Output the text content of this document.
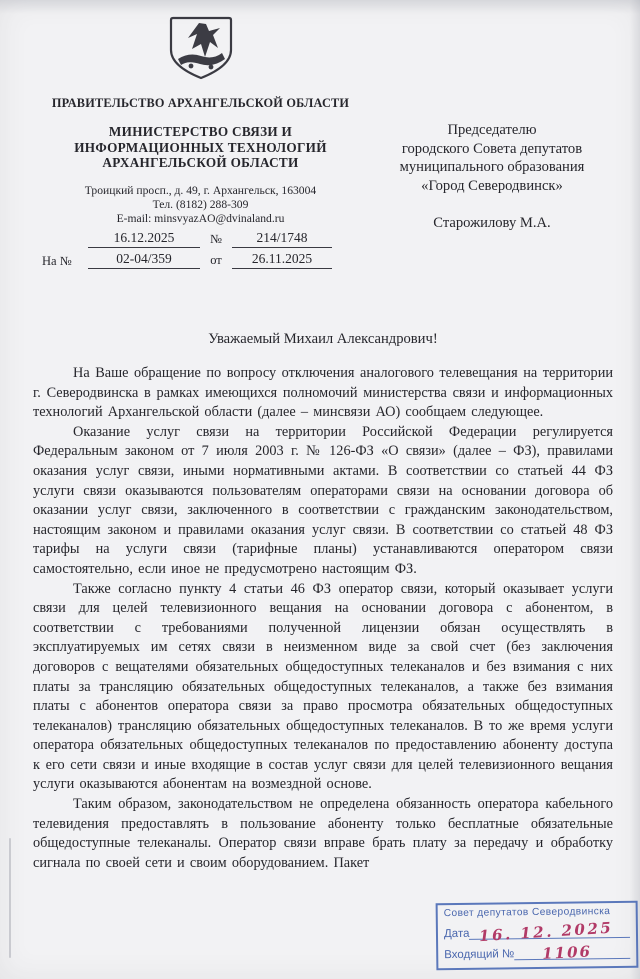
ПРАВИТЕЛЬСТВО АРХАНГЕЛЬСКОЙ ОБЛАСТИ
МИНИСТЕРСТВО СВЯЗИ И
ИНФОРМАЦИОННЫХ ТЕХНОЛОГИЙ
АРХАНГЕЛЬСКОЙ ОБЛАСТИ
Троицкий просп., д. 49, г. Архангельск, 163004
Тел. (8182) 288-309
E-mail: minsvyazAO@dvinaland.ru
16.12.2025	№	214/1748
На №	02-04/359	от	26.11.2025
Председателю
городского Совета депутатов
муниципального образования
«Город Северодвинск»
Старожилову М.А.

Уважаемый Михаил Александрович!

На Ваше обращение по вопросу отключения аналогового телевещания на территории г. Северодвинска в рамках имеющихся полномочий министерства связи и информационных технологий Архангельской области (далее – минсвязи АО) сообщаем следующее.

Оказание услуг связи на территории Российской Федерации регулируется Федеральным законом от 7 июля 2003 г. № 126-ФЗ «О связи» (далее – ФЗ), правилами оказания услуг связи, иными нормативными актами. В соответствии со статьей 44 ФЗ услуги связи оказываются пользователям операторами связи на основании договора об оказании услуг связи, заключенного в соответствии с гражданским законодательством, настоящим законом и правилами оказания услуг связи. В соответствии со статьей 48 ФЗ тарифы на услуги связи (тарифные планы) устанавливаются оператором связи самостоятельно, если иное не предусмотрено настоящим ФЗ.

Также согласно пункту 4 статьи 46 ФЗ оператор связи, который оказывает услуги связи для целей телевизионного вещания на основании договора с абонентом, в соответствии с требованиями полученной лицензии обязан осуществлять в эксплуатируемых им сетях связи в неизменном виде за свой счет (без заключения договоров с вещателями обязательных общедоступных телеканалов и без взимания с них платы за трансляцию обязательных общедоступных телеканалов, а также без взимания платы с абонентов оператора связи за право просмотра обязательных общедоступных телеканалов) трансляцию обязательных общедоступных телеканалов. В то же время услуги оператора обязательных общедоступных телеканалов по предоставлению абоненту доступа к его сети связи и иные входящие в состав услуг связи для целей телевизионного вещания услуги оказываются абонентам на возмездной основе.

Таким образом, законодательством не определена обязанность оператора кабельного телевидения предоставлять в пользование абоненту только бесплатные обязательные общедоступные телеканалы. Оператор связи вправе брать плату за передачу и обработку сигнала по своей сети и своим оборудованием. Пакет

Совет депутатов Северодвинска
Дата 16. 12. 2025
Входящий № 1106
